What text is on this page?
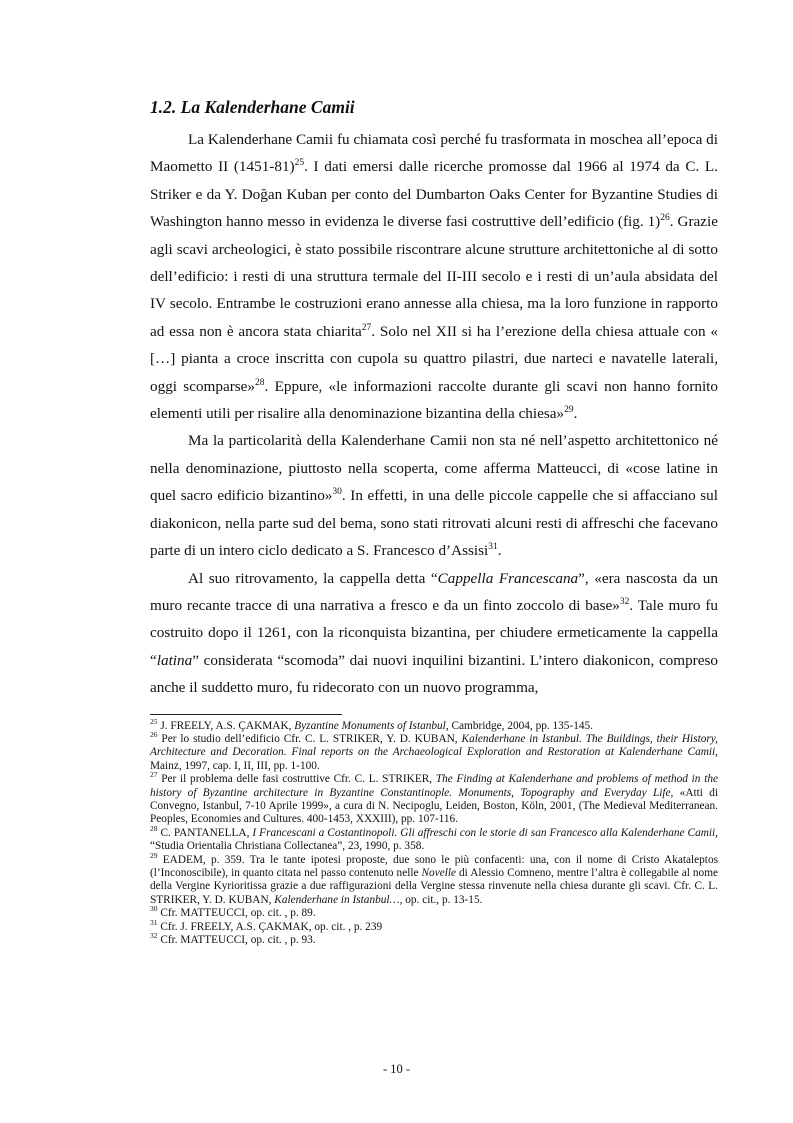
1.2. La Kalenderhane Camii

La Kalenderhane Camii fu chiamata così perché fu trasformata in moschea all’epoca di Maometto II (1451-81)$^{25}$. I dati emersi dalle ricerche promosse dal 1966 al 1974 da C. L. Striker e da Y. Doğan Kuban per conto del Dumbarton Oaks Center for Byzantine Studies di Washington hanno messo in evidenza le diverse fasi costruttive dell’edificio (fig. 1)$^{26}$. Grazie agli scavi archeologici, è stato possibile riscontrare alcune strutture architettoniche al di sotto dell’edificio: i resti di una struttura termale del II-III secolo e i resti di un’aula absidata del IV secolo. Entrambe le costruzioni erano annesse alla chiesa, ma la loro funzione in rapporto ad essa non è ancora stata chiarita$^{27}$. Solo nel XII si ha l’erezione della chiesa attuale con « […] pianta a croce inscritta con cupola su quattro pilastri, due narteci e navatelle laterali, oggi scomparse»$^{28}$. Eppure, «le informazioni raccolte durante gli scavi non hanno fornito elementi utili per risalire alla denominazione bizantina della chiesa»$^{29}$.

Ma la particolarità della Kalenderhane Camii non sta né nell’aspetto architettonico né nella denominazione, piuttosto nella scoperta, come afferma Matteucci, di «cose latine in quel sacro edificio bizantino»$^{30}$. In effetti, in una delle piccole cappelle che si affacciano sul diakonicon, nella parte sud del bema, sono stati ritrovati alcuni resti di affreschi che facevano parte di un intero ciclo dedicato a S. Francesco d’Assisi$^{31}$.

Al suo ritrovamento, la cappella detta “Cappella Francescana”, «era nascosta da un muro recante tracce di una narrativa a fresco e da un finto zoccolo di base»$^{32}$. Tale muro fu costruito dopo il 1261, con la riconquista bizantina, per chiudere ermeticamente la cappella “latina” considerata “scomoda” dai nuovi inquilini bizantini. L’intero diakonicon, compreso anche il suddetto muro, fu ridecorato con un nuovo programma,

$^{25}$ J. FREELY, A.S. ÇAKMAK, Byzantine Monuments of Istanbul, Cambridge, 2004, pp. 135-145.

$^{26}$ Per lo studio dell’edificio Cfr. C. L. STRIKER, Y. D. KUBAN, Kalenderhane in Istanbul. The Buildings, their History, Architecture and Decoration. Final reports on the Archaeological Exploration and Restoration at Kalenderhane Camii, Mainz, 1997, cap. I, II, III, pp. 1-100.

$^{27}$ Per il problema delle fasi costruttive Cfr. C. L. STRIKER, The Finding at Kalenderhane and problems of method in the history of Byzantine architecture in Byzantine Constantinople. Monuments, Topography and Everyday Life, «Atti di Convegno, Istanbul, 7-10 Aprile 1999», a cura di N. Necipoglu, Leiden, Boston, Köln, 2001, (The Medieval Mediterranean. Peoples, Economies and Cultures. 400-1453, XXXIII), pp. 107-116.

$^{28}$ C. PANTANELLA, I Francescani a Costantinopoli. Gli affreschi con le storie di san Francesco alla Kalenderhane Camii, “Studia Orientalia Christiana Collectanea”, 23, 1990, p. 358.

$^{29}$ EADEM, p. 359. Tra le tante ipotesi proposte, due sono le più confacenti: una, con il nome di Cristo Akataleptos (l’Inconoscibile), in quanto citata nel passo contenuto nelle Novelle di Alessio Comneno, mentre l’altra è collegabile al nome della Vergine Kyrioritissa grazie a due raffigurazioni della Vergine stessa rinvenute nella chiesa durante gli scavi. Cfr. C. L. STRIKER, Y. D. KUBAN, Kalenderhane in Istanbul…, op. cit., p. 13-15.

$^{30}$ Cfr. MATTEUCCI, op. cit. , p. 89.

$^{31}$ Cfr. J. FREELY, A.S. ÇAKMAK, op. cit. , p. 239

$^{32}$ Cfr. MATTEUCCI, op. cit. , p. 93.

- 10 -
